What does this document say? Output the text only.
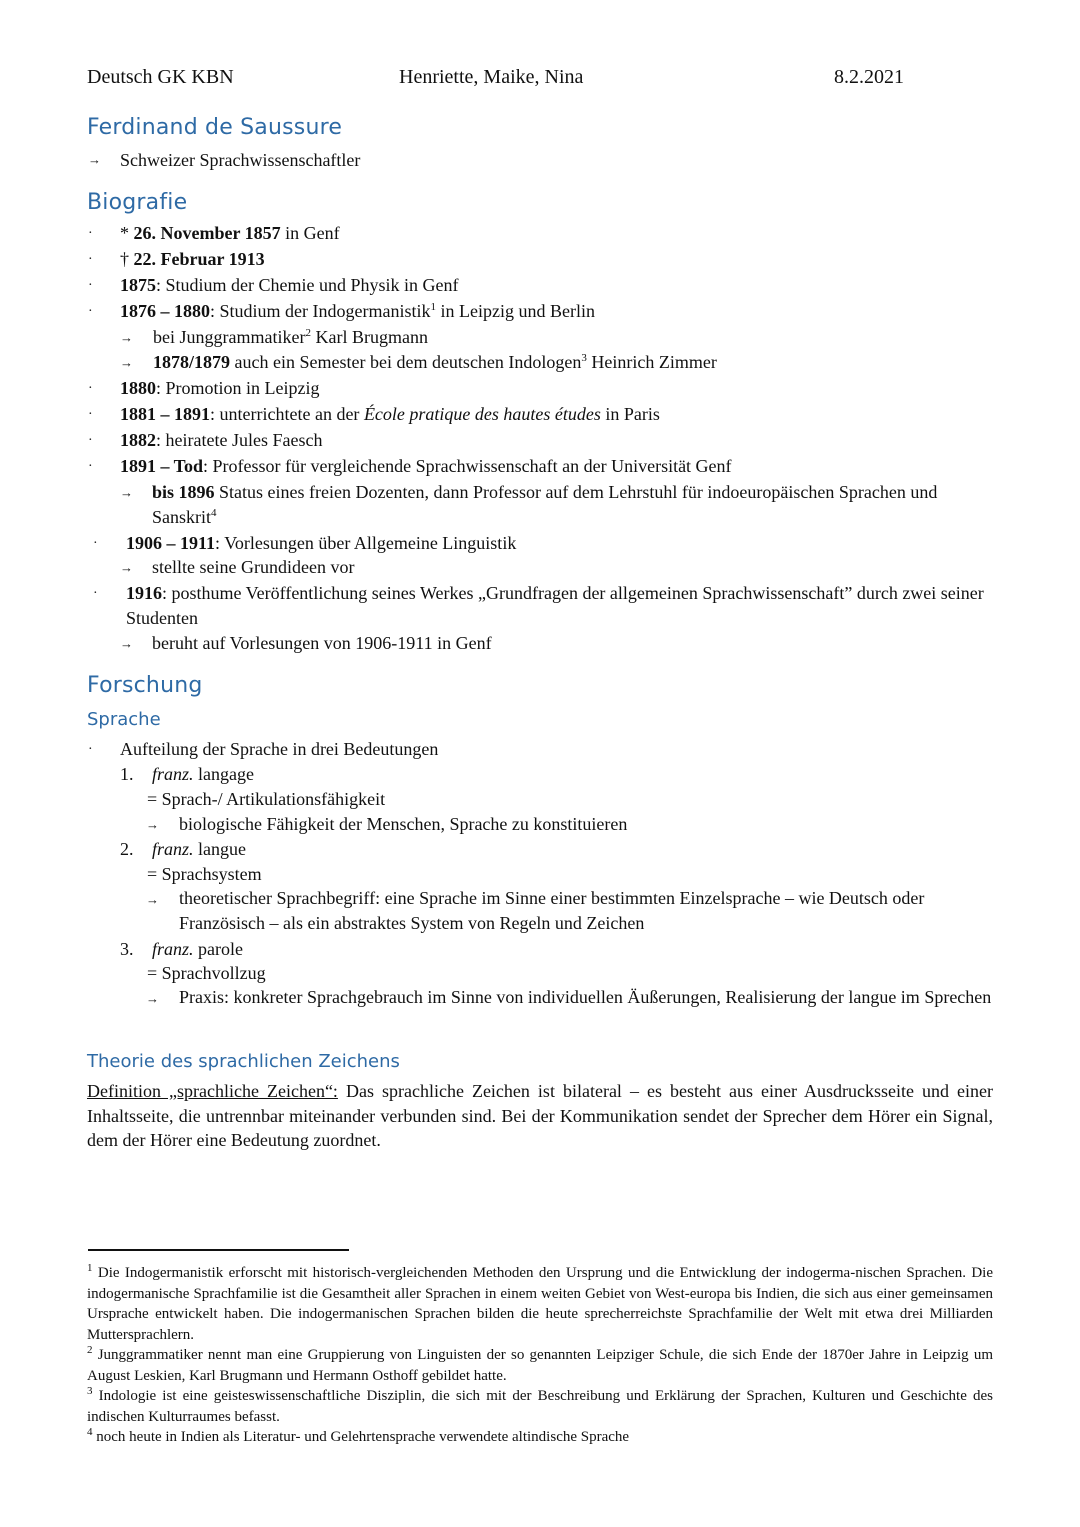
Deutsch GK KBN	Henriette, Maike, Nina	8.2.2021
Ferdinand de Saussure
→ Schweizer Sprachwissenschaftler
Biografie
· * 26. November 1857 in Genf
· † 22. Februar 1913
· 1875: Studium der Chemie und Physik in Genf
· 1876 – 1880: Studium der Indogermanistik$^1$ in Leipzig und Berlin
→ bei Junggrammatiker$^2$ Karl Brugmann
→ 1878/1879 auch ein Semester bei dem deutschen Indologen$^3$ Heinrich Zimmer
· 1880: Promotion in Leipzig
· 1881 – 1891: unterrichtete an der École pratique des hautes études in Paris
· 1882: heiratete Jules Faesch
· 1891 – Tod: Professor für vergleichende Sprachwissenschaft an der Universität Genf
→ bis 1896 Status eines freien Dozenten, dann Professor auf dem Lehrstuhl für indoeuropäischen Sprachen und Sanskrit$^4$
· 1906 – 1911: Vorlesungen über Allgemeine Linguistik
→ stellte seine Grundideen vor
· 1916: posthume Veröffentlichung seines Werkes „Grundfragen der allgemeinen Sprachwissenschaft” durch zwei seiner Studenten
→ beruht auf Vorlesungen von 1906-1911 in Genf
Forschung
Sprache
· Aufteilung der Sprache in drei Bedeutungen
1. franz. langage
= Sprach-/ Artikulationsfähigkeit
→ biologische Fähigkeit der Menschen, Sprache zu konstituieren
2. franz. langue
= Sprachsystem
→ theoretischer Sprachbegriff: eine Sprache im Sinne einer bestimmten Einzelsprache – wie Deutsch oder Französisch – als ein abstraktes System von Regeln und Zeichen
3. franz. parole
= Sprachvollzug
→ Praxis: konkreter Sprachgebrauch im Sinne von individuellen Äußerungen, Realisierung der langue im Sprechen
Theorie des sprachlichen Zeichens
Definition „sprachliche Zeichen“: Das sprachliche Zeichen ist bilateral – es besteht aus einer Ausdrucksseite und einer Inhaltsseite, die untrennbar miteinander verbunden sind. Bei der Kommunikation sendet der Sprecher dem Hörer ein Signal, dem der Hörer eine Bedeutung zuordnet.
$^1$ Die Indogermanistik erforscht mit historisch-vergleichenden Methoden den Ursprung und die Entwicklung der indogerma-nischen Sprachen. Die indogermanische Sprachfamilie ist die Gesamtheit aller Sprachen in einem weiten Gebiet von West-europa bis Indien, die sich aus einer gemeinsamen Ursprache entwickelt haben. Die indogermanischen Sprachen bilden die heute sprecherreichste Sprachfamilie der Welt mit etwa drei Milliarden Muttersprachlern.
$^2$ Junggrammatiker nennt man eine Gruppierung von Linguisten der so genannten Leipziger Schule, die sich Ende der 1870er Jahre in Leipzig um August Leskien, Karl Brugmann und Hermann Osthoff gebildet hatte.
$^3$ Indologie ist eine geisteswissenschaftliche Disziplin, die sich mit der Beschreibung und Erklärung der Sprachen, Kulturen und Geschichte des indischen Kulturraumes befasst.
$^4$ noch heute in Indien als Literatur- und Gelehrtensprache verwendete altindische Sprache
